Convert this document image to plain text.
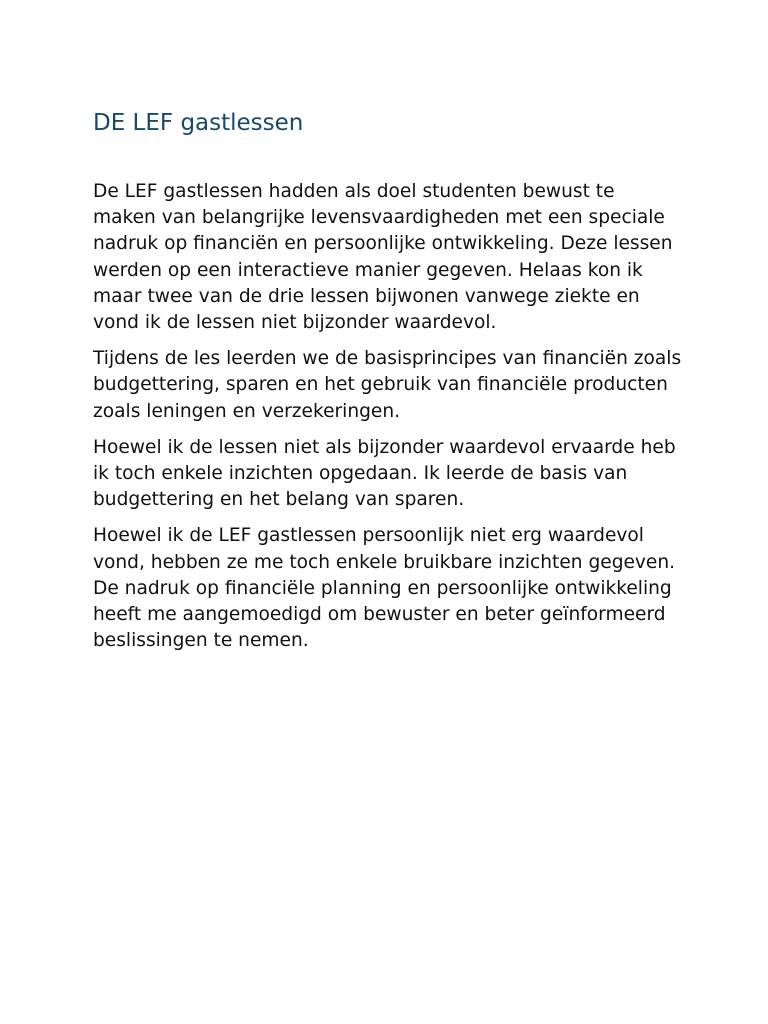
DE LEF gastlessen

De LEF gastlessen hadden als doel studenten bewust te maken van belangrijke levensvaardigheden met een speciale nadruk op financiën en persoonlijke ontwikkeling. Deze lessen werden op een interactieve manier gegeven. Helaas kon ik maar twee van de drie lessen bijwonen vanwege ziekte en vond ik de lessen niet bijzonder waardevol.

Tijdens de les leerden we de basisprincipes van financiën zoals budgettering, sparen en het gebruik van financiële producten zoals leningen en verzekeringen.

Hoewel ik de lessen niet als bijzonder waardevol ervaarde heb ik toch enkele inzichten opgedaan. Ik leerde de basis van budgettering en het belang van sparen.

Hoewel ik de LEF gastlessen persoonlijk niet erg waardevol vond, hebben ze me toch enkele bruikbare inzichten gegeven. De nadruk op financiële planning en persoonlijke ontwikkeling heeft me aangemoedigd om bewuster en beter geïnformeerd beslissingen te nemen.
